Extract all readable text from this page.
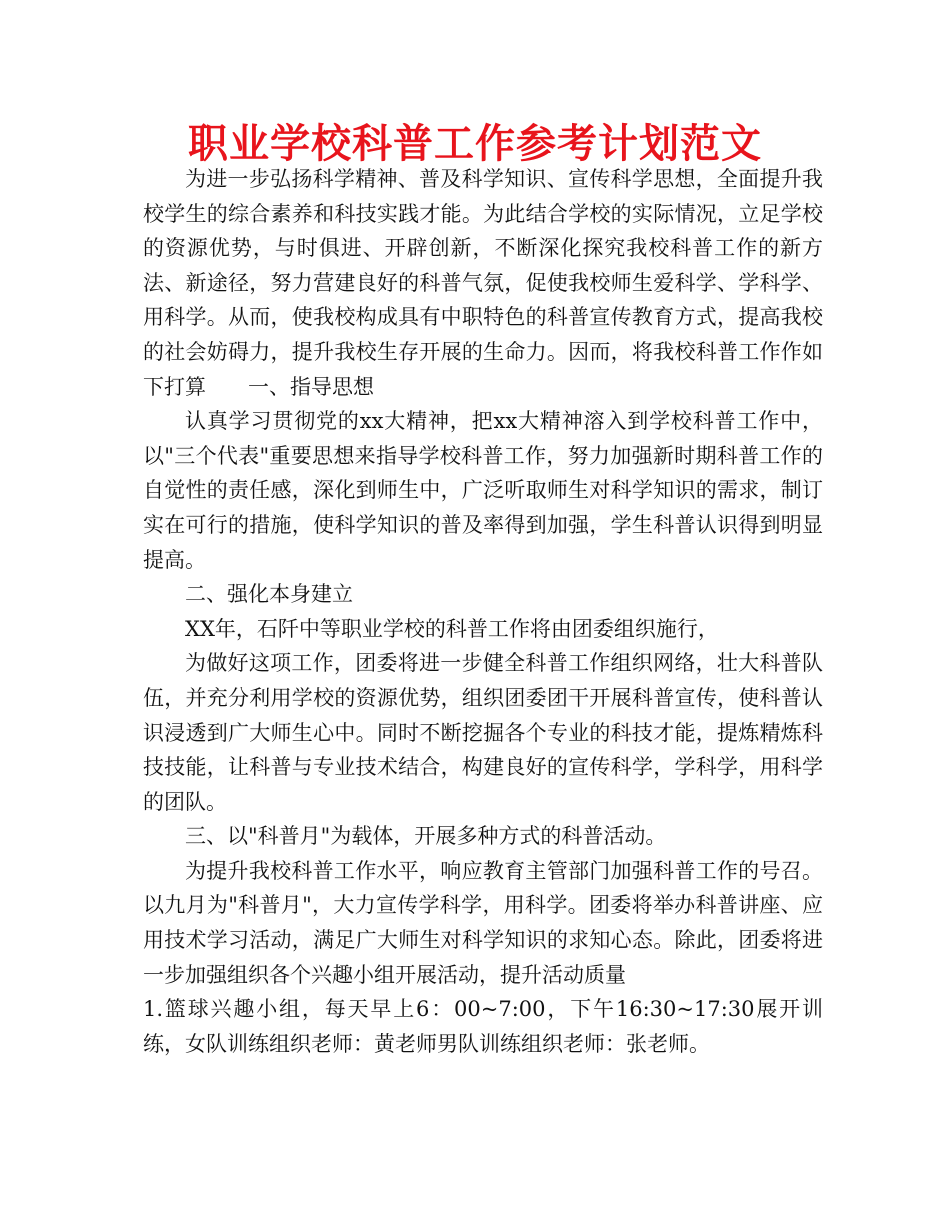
职业学校科普工作参考计划范文

为进一步弘扬科学精神、普及科学知识、宣传科学思想，全面提升我校学生的综合素养和科技实践才能。为此结合学校的实际情况，立足学校的资源优势，与时俱进、开辟创新，不断深化探究我校科普工作的新方法、新途径，努力营建良好的科普气氛，促使我校师生爱科学、学科学、用科学。从而，使我校构成具有中职特色的科普宣传教育方式，提高我校的社会妨碍力，提升我校生存开展的生命力。因而，将我校科普工作作如下打算　　一、指导思想

认真学习贯彻党的xx大精神，把xx大精神溶入到学校科普工作中，以"三个代表"重要思想来指导学校科普工作，努力加强新时期科普工作的自觉性的责任感，深化到师生中，广泛听取师生对科学知识的需求，制订实在可行的措施，使科学知识的普及率得到加强，学生科普认识得到明显提高。

二、强化本身建立

XX年，石阡中等职业学校的科普工作将由团委组织施行，

为做好这项工作，团委将进一步健全科普工作组织网络，壮大科普队伍，并充分利用学校的资源优势，组织团委团干开展科普宣传，使科普认识浸透到广大师生心中。同时不断挖掘各个专业的科技才能，提炼精炼科技技能，让科普与专业技术结合，构建良好的宣传科学，学科学，用科学的团队。

三、以"科普月"为载体，开展多种方式的科普活动。

为提升我校科普工作水平，响应教育主管部门加强科普工作的号召。以九月为"科普月"，大力宣传学科学，用科学。团委将举办科普讲座、应用技术学习活动，满足广大师生对科学知识的求知心态。除此，团委将进一步加强组织各个兴趣小组开展活动，提升活动质量

1.篮球兴趣小组，每天早上6：00~7:00，下午16:30~17:30展开训练，女队训练组织老师：黄老师男队训练组织老师：张老师。
